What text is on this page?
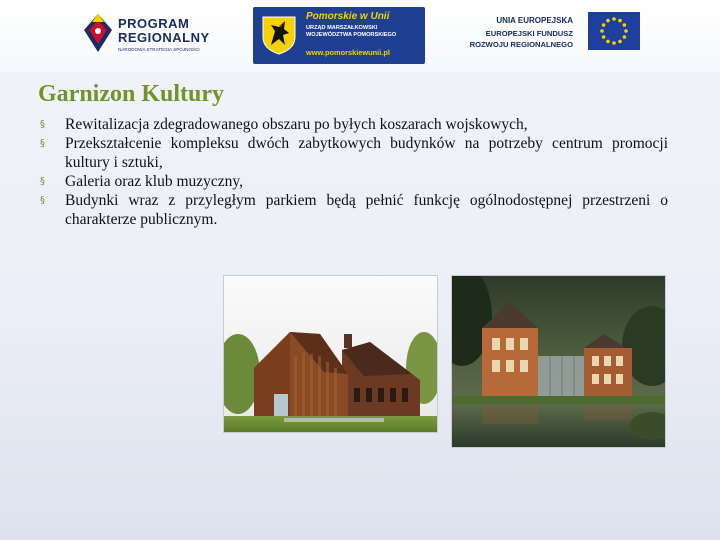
PROGRAM
REGIONALNY
NARODOWA STRATEGIA SPÓJNOŚCI
Pomorskie w Unii
URZĄD MARSZAŁKOWSKI
WOJEWÓDZTWA POMORSKIEGO
www.pomorskiewunii.pl
UNIA EUROPEJSKA
EUROPEJSKI FUNDUSZ
ROZWOJU REGIONALNEGO
Garnizon Kultury
§ Rewitalizacja zdegradowanego obszaru po byłych koszarach wojskowych,
§ Przekształcenie kompleksu dwóch zabytkowych budynków na potrzeby centrum promocji kultury i sztuki,
§ Galeria oraz klub muzyczny,
§ Budynki wraz z przyległym parkiem będą pełnić funkcję ogólnodostępnej przestrzeni o charakterze publicznym.
